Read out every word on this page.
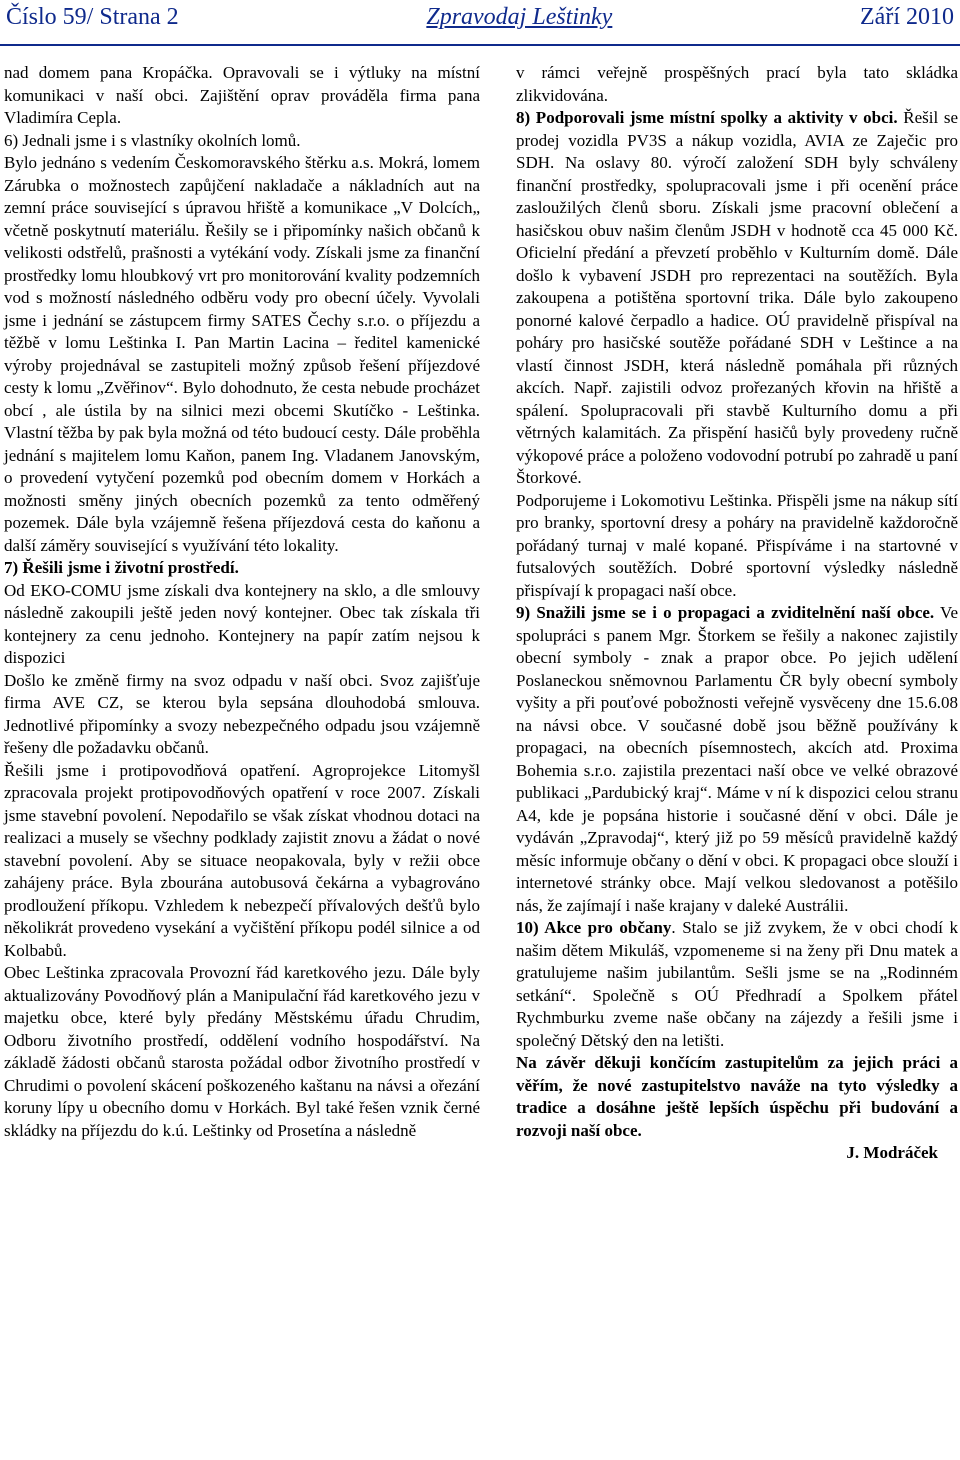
Číslo 59/ Strana 2	Zpravodaj Leštinky	Září 2010

nad domem pana Kropáčka. Opravovali se i výtluky na místní komunikaci v naší obci. Zajištění oprav prováděla firma pana Vladimíra Cepla.

6) Jednali jsme i s vlastníky okolních lomů.

Bylo jednáno s vedením Českomoravského štěrku a.s. Mokrá, lomem Zárubka o možnostech zapůjčení nakladače a nákladních aut na zemní práce související s úpravou hřiště a komunikace „V Dolcích„ včetně poskytnutí materiálu. Řešily se i připomínky našich občanů k velikosti odstřelů, prašnosti a vytékání vody. Získali jsme za finanční prostředky lomu hloubkový vrt pro monitorování kvality podzemních vod s možností následného odběru vody pro obecní účely. Vyvolali jsme i jednání se zástupcem firmy SATES Čechy s.r.o. o příjezdu a těžbě v lomu Leštinka I. Pan Martin Lacina – ředitel kamenické výroby projednával se zastupiteli možný způsob řešení příjezdové cesty k lomu „Zvěřinov“. Bylo dohodnuto, že cesta nebude procházet obcí , ale ústila by na silnici mezi obcemi Skutíčko - Leštinka. Vlastní těžba by pak byla možná od této budoucí cesty. Dále proběhla jednání s majitelem lomu Kaňon, panem Ing. Vladanem Janovským, o provedení vytyčení pozemků pod obecním domem v Horkách a možnosti směny jiných obecních pozemků za tento odměřený pozemek. Dále byla vzájemně řešena příjezdová cesta do kaňonu a další záměry související s využívání této lokality.

7) Řešili jsme i životní prostředí.

Od EKO-COMU jsme získali dva kontejnery na sklo, a dle smlouvy následně zakoupili ještě jeden nový kontejner. Obec tak získala tři kontejnery za cenu jednoho. Kontejnery na papír zatím nejsou k dispozici

Došlo ke změně firmy na svoz odpadu v naší obci. Svoz zajišťuje firma AVE CZ, se kterou byla sepsána dlouhodobá smlouva. Jednotlivé připomínky a svozy nebezpečného odpadu jsou vzájemně řešeny dle požadavku občanů.

Řešili jsme i protipovodňová opatření. Agroprojekce Litomyšl zpracovala projekt protipovodňových opatření v roce 2007. Získali jsme stavební povolení. Nepodařilo se však získat vhodnou dotaci na realizaci a musely se všechny podklady zajistit znovu a žádat o nové stavební povolení. Aby se situace neopakovala, byly v režii obce zahájeny práce. Byla zbourána autobusová čekárna a vybagrováno prodloužení příkopu. Vzhledem k nebezpečí přívalových dešťů bylo několikrát provedeno vysekání a vyčištění příkopu podél silnice a od Kolbabů.

Obec Leštinka zpracovala Provozní řád karetkového jezu. Dále byly aktualizovány Povodňový plán a Manipulační řád karetkového jezu v majetku obce, které byly předány Městskému úřadu Chrudim, Odboru životního prostředí, oddělení vodního hospodářství. Na základě žádosti občanů starosta požádal odbor životního prostředí v Chrudimi o povolení skácení poškozeného kaštanu na návsi a ořezání koruny lípy u obecního domu v Horkách. Byl také řešen vznik černé skládky na příjezdu do k.ú. Leštinky od Prosetína a následně

v rámci veřejně prospěšných prací byla tato skládka zlikvidována.

8) Podporovali jsme místní spolky a aktivity v obci. Řešil se prodej vozidla PV3S a nákup vozidla, AVIA ze Zaječic pro SDH. Na oslavy 80. výročí založení SDH byly schváleny finanční prostředky, spolupracovali jsme i při ocenění práce zasloužilých členů sboru. Získali jsme pracovní oblečení a hasičskou obuv našim členům JSDH v hodnotě cca 45 000 Kč. Oficielní předání a převzetí proběhlo v Kulturním domě. Dále došlo k vybavení JSDH pro reprezentaci na soutěžích. Byla zakoupena a potištěna sportovní trika. Dále bylo zakoupeno ponorné kalové čerpadlo a hadice. OÚ pravidelně přispíval na poháry pro hasičské soutěže pořádané SDH v Leštince a na vlastí činnost JSDH, která následně pomáhala při různých akcích. Např. zajistili odvoz prořezaných křovin na hřiště a spálení. Spolupracovali při stavbě Kulturního domu a při větrných kalamitách. Za přispění hasičů byly provedeny ručně výkopové práce a položeno vodovodní potrubí po zahradě u paní Štorkové.

Podporujeme i Lokomotivu Leštinka. Přispěli jsme na nákup sítí pro branky, sportovní dresy a poháry na pravidelně každoročně pořádaný turnaj v malé kopané. Přispíváme i na startovné v futsalových soutěžích. Dobré sportovní výsledky následně přispívají k propagaci naší obce.

9) Snažili jsme se i o propagaci a zviditelnění naší obce. Ve spolupráci s panem Mgr. Štorkem se řešily a nakonec zajistily obecní symboly - znak a prapor obce. Po jejich udělení Poslaneckou sněmovnou Parlamentu ČR byly obecní symboly vyšity a při pouťové pobožnosti veřejně vysvěceny dne 15.6.08 na návsi obce. V současné době jsou běžně používány k propagaci, na obecních písemnostech, akcích atd. Proxima Bohemia s.r.o. zajistila prezentaci naší obce ve velké obrazové publikaci „Pardubický kraj“. Máme v ní k dispozici celou stranu A4, kde je popsána historie i současné dění v obci. Dále je vydáván „Zpravodaj“, který již po 59 měsíců pravidelně každý měsíc informuje občany o dění v obci. K propagaci obce slouží i internetové stránky obce. Mají velkou sledovanost a potěšilo nás, že zajímají i naše krajany v daleké Austrálii.

10) Akce pro občany. Stalo se již zvykem, že v obci chodí k našim dětem Mikuláš, vzpomeneme si na ženy při Dnu matek a gratulujeme našim jubilantům. Sešli jsme se na „Rodinném setkání“. Společně s OÚ Předhradí a Spolkem přátel Rychmburku zveme naše občany na zájezdy a řešili jsme i společný Dětský den na letišti.

Na závěr děkuji končícím zastupitelům za jejich práci a věřím, že nové zastupitelstvo naváže na tyto výsledky a tradice a dosáhne ještě lepších úspěchu při budování a rozvoji naší obce.

J. Modráček
